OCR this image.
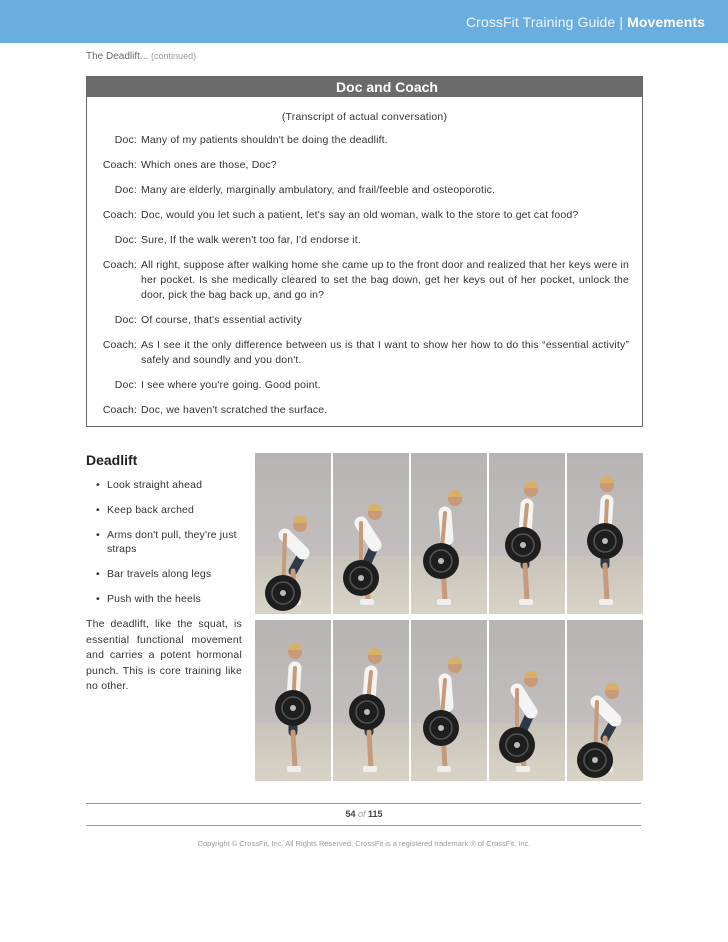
CrossFit Training Guide | Movements
The Deadlift... (continued)
Doc and Coach
(Transcript of actual conversation)
Doc: Many of my patients shouldn't be doing the deadlift.
Coach: Which ones are those, Doc?
Doc: Many are elderly, marginally ambulatory, and frail/feeble and osteoporotic.
Coach: Doc, would you let such a patient, let's say an old woman, walk to the store to get cat food?
Doc: Sure, If the walk weren't too far, I'd endorse it.
Coach: All right, suppose after walking home she came up to the front door and realized that her keys were in her pocket. Is she medically cleared to set the bag down, get her keys out of her pocket, unlock the door, pick the bag back up, and go in?
Doc: Of course, that's essential activity
Coach: As I see it the only difference between us is that I want to show her how to do this “essential activity” safely and soundly and you don't.
Doc: I see where you're going. Good point.
Coach: Doc, we haven't scratched the surface.
Deadlift
• Look straight ahead
• Keep back arched
• Arms don't pull, they're just straps
• Bar travels along legs
• Push with the heels
The deadlift, like the squat, is essential functional movement and carries a potent hormonal punch. This is core training like no other.
54 of 115
Copyright © CrossFit, Inc. All Rights Reserved. CrossFit is a registered trademark ® of CrossFit, Inc.
